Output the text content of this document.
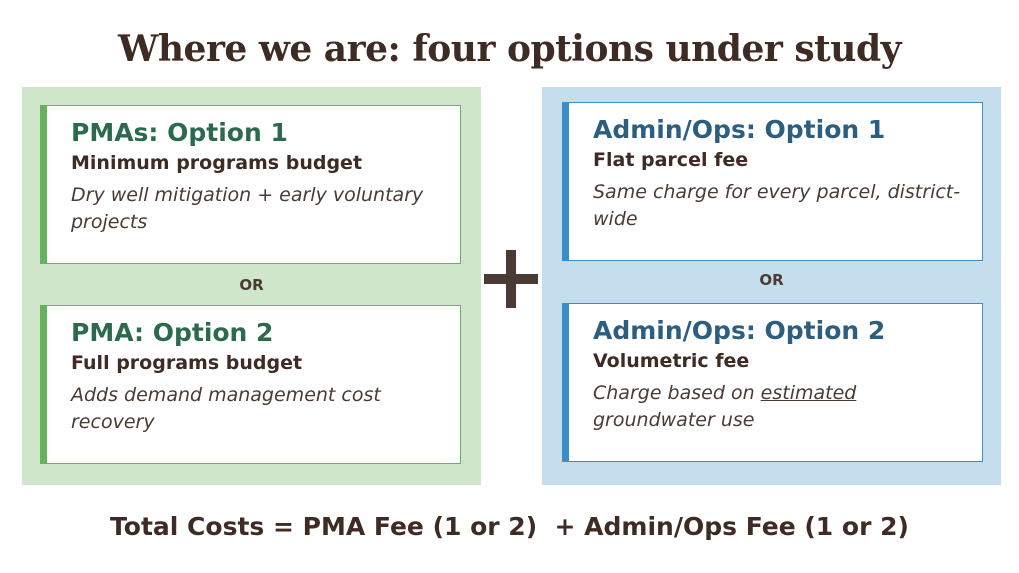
Where we are: four options under study
PMAs: Option 1
Minimum programs budget
Dry well mitigation + early voluntary projects
OR
PMA: Option 2
Full programs budget
Adds demand management cost recovery
Admin/Ops: Option 1
Flat parcel fee
Same charge for every parcel, district-wide
OR
Admin/Ops: Option 2
Volumetric fee
Charge based on estimated groundwater use
Total Costs = PMA Fee (1 or 2)  + Admin/Ops Fee (1 or 2)
